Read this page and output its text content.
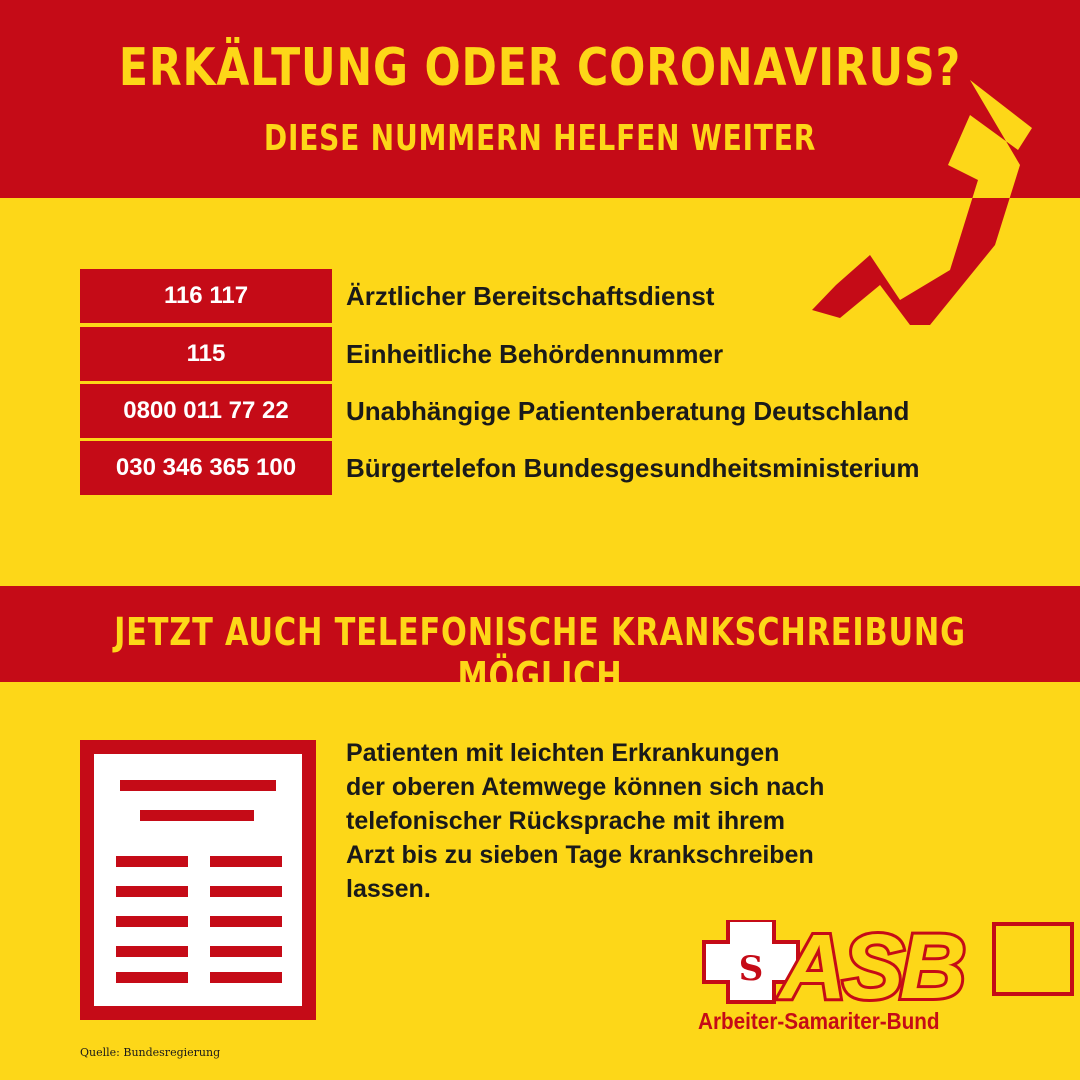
ERKÄLTUNG ODER CORONAVIRUS?
DIESE NUMMERN HELFEN WEITER
116 117	Ärztlicher Bereitschaftsdienst
115	Einheitliche Behördennummer
0800 011 77 22	Unabhängige Patientenberatung Deutschland
030 346 365 100	Bürgertelefon Bundesgesundheitsministerium
JETZT AUCH TELEFONISCHE KRANKSCHREIBUNG MÖGLICH
Patienten mit leichten Erkrankungen
der oberen Atemwege können sich nach
telefonischer Rücksprache mit ihrem
Arzt bis zu sieben Tage krankschreiben
lassen.
S ASB
Arbeiter-Samariter-Bund
Quelle: Bundesregierung
